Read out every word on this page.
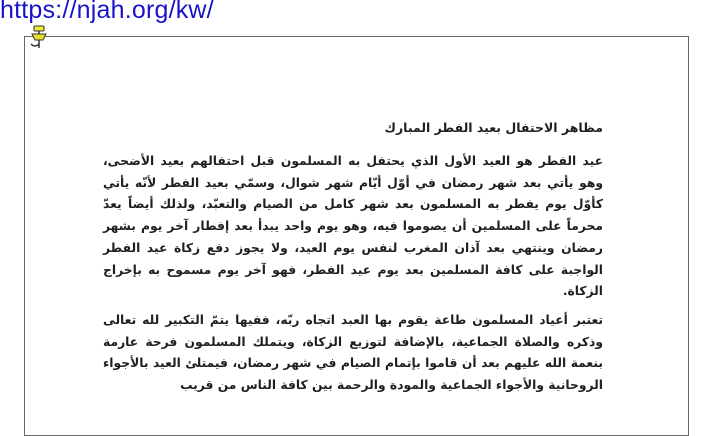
https://njah.org/kw/
مظاهر الاحتفال بعيد الفطر المبارك

عيد الفطر هو العيد الأول الذي يحتفل به المسلمون قبل احتفالهم بعيد الأضحى، وهو يأتي بعد شهر رمضان في أوّل أيّام شهر شوال، وسمّي بعيد الفطر لأنّه يأتي كأوّل يوم يفطر به المسلمون بعد شهر كامل من الصيام والتعبّد، ولذلك أيضاً يعدّ محرماً على المسلمين أن يصوموا فيه، وهو يوم واحد يبدأ بعد إفطار آخر يوم بشهر رمضان وينتهي بعد آذان المغرب لنفس يوم العيد، ولا يجوز دفع زكاة عيد الفطر الواجبة على كافة المسلمين بعد يوم عيد الفطر، فهو آخر يوم مسموح به بإخراج الزكاة.

تعتبر أعياد المسلمون طاعة يقوم بها العبد اتجاه ربّه، ففيها يتمّ التكبير لله تعالى وذكره والصلاة الجماعية، بالإضافة لتوزيع الزكاة، ويتملك المسلمون فرحة عارمة بنعمة الله عليهم بعد أن قاموا بإتمام الصيام في شهر رمضان، فيمتلئ العيد بالأجواء الروحانية والأجواء الجماعية والمودة والرحمة بين كافة الناس من قريب
